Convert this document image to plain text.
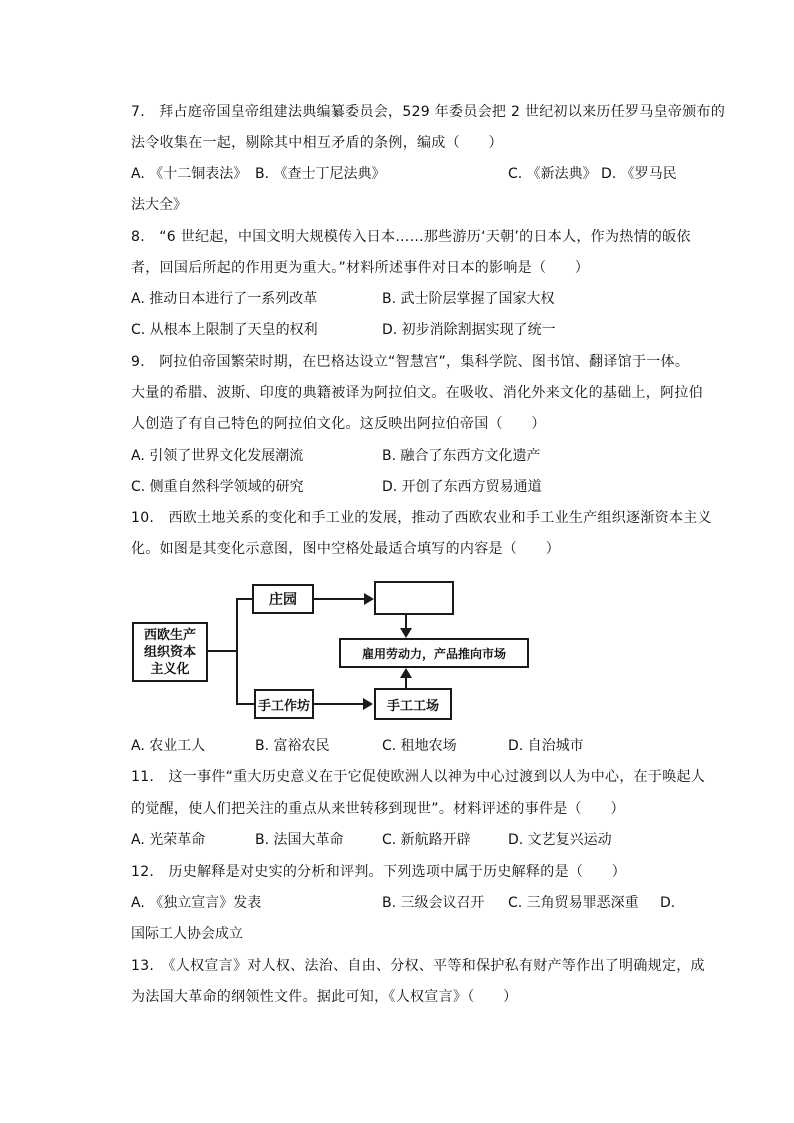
7.　拜占庭帝国皇帝组建法典编纂委员会，529 年委员会把 2 世纪初以来历任罗马皇帝颁布的
法令收集在一起，剔除其中相互矛盾的条例，编成（　　）
A. 《十二铜表法》 B. 《查士丁尼法典》	C. 《新法典》 D. 《罗马民
法大全》
8.　“6 世纪起，中国文明大规模传入日本……那些游历‘天朝’的日本人，作为热情的皈依
者，回国后所起的作用更为重大。”材料所述事件对日本的影响是（　　）
A. 推动日本进行了一系列改革	B. 武士阶层掌握了国家大权
C. 从根本上限制了天皇的权利	D. 初步消除割据实现了统一
9.　阿拉伯帝国繁荣时期，在巴格达设立“智慧宫”，集科学院、图书馆、翻译馆于一体。
大量的希腊、波斯、印度的典籍被译为阿拉伯文。在吸收、消化外来文化的基础上，阿拉伯
人创造了有自己特色的阿拉伯文化。这反映出阿拉伯帝国（　　）
A. 引领了世界文化发展潮流	B. 融合了东西方文化遗产
C. 侧重自然科学领域的研究	D. 开创了东西方贸易通道
10.　西欧土地关系的变化和手工业的发展，推动了西欧农业和手工业生产组织逐渐资本主义
化。如图是其变化示意图，图中空格处最适合填写的内容是（　　）
西欧生产
组织资本
主义化
庄园
雇用劳动力，产品推向市场
手工作坊	手工工场
A. 农业工人	B. 富裕农民	C. 租地农场	D. 自治城市
11.　这一事件“重大历史意义在于它促使欧洲人以神为中心过渡到以人为中心，在于唤起人
的觉醒，使人们把关注的重点从来世转移到现世”。材料评述的事件是（　　）
A. 光荣革命	B. 法国大革命	C. 新航路开辟	D. 文艺复兴运动
12.　历史解释是对史实的分析和评判。下列选项中属于历史解释的是（　　）
A. 《独立宣言》发表	B. 三级会议召开 C. 三角贸易罪恶深重 D.
国际工人协会成立
13.　《人权宣言》对人权、法治、自由、分权、平等和保护私有财产等作出了明确规定，成
为法国大革命的纲领性文件。据此可知，《人权宣言》（　　）
